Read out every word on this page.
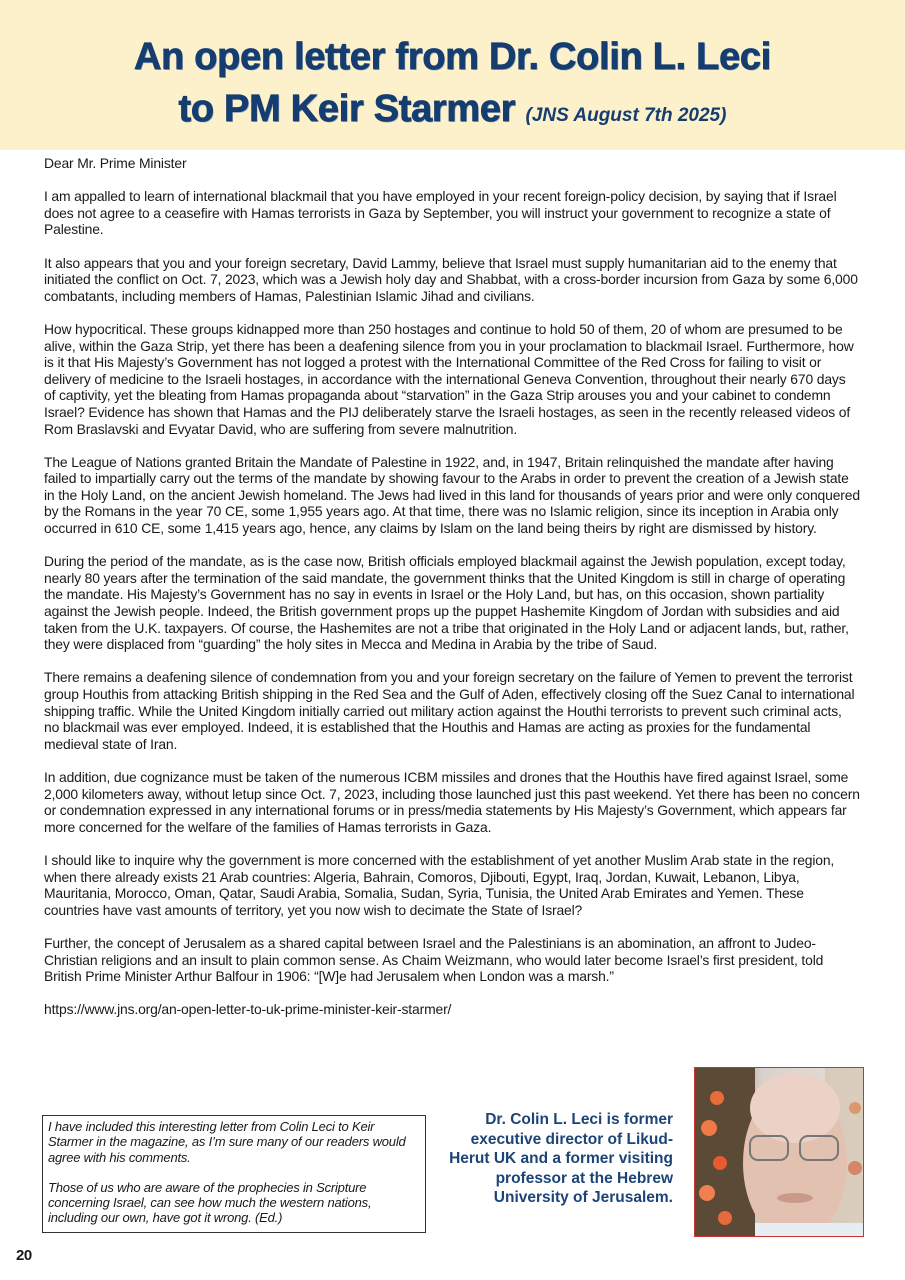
An open letter from Dr. Colin L. Leci
to PM Keir Starmer (JNS August 7th 2025)

Dear Mr. Prime Minister

I am appalled to learn of international blackmail that you have employed in your recent foreign-policy decision, by saying that if Israel does not agree to a ceasefire with Hamas terrorists in Gaza by September, you will instruct your government to recognize a state of Palestine.

It also appears that you and your foreign secretary, David Lammy, believe that Israel must supply humanitarian aid to the enemy that initiated the conflict on Oct. 7, 2023, which was a Jewish holy day and Shabbat, with a cross-border incursion from Gaza by some 6,000 combatants, including members of Hamas, Palestinian Islamic Jihad and civilians.

How hypocritical. These groups kidnapped more than 250 hostages and continue to hold 50 of them, 20 of whom are presumed to be alive, within the Gaza Strip, yet there has been a deafening silence from you in your proclamation to blackmail Israel. Furthermore, how is it that His Majesty’s Government has not logged a protest with the International Committee of the Red Cross for failing to visit or delivery of medicine to the Israeli hostages, in accordance with the international Geneva Convention, throughout their nearly 670 days of captivity, yet the bleating from Hamas propaganda about “starvation” in the Gaza Strip arouses you and your cabinet to condemn Israel? Evidence has shown that Hamas and the PIJ deliberately starve the Israeli hostages, as seen in the recently released videos of Rom Braslavski and Evyatar David, who are suffering from severe malnutrition.

The League of Nations granted Britain the Mandate of Palestine in 1922, and, in 1947, Britain relinquished the mandate after having failed to impartially carry out the terms of the mandate by showing favour to the Arabs in order to prevent the creation of a Jewish state in the Holy Land, on the ancient Jewish homeland. The Jews had lived in this land for thousands of years prior and were only conquered by the Romans in the year 70 CE, some 1,955 years ago. At that time, there was no Islamic religion, since its inception in Arabia only occurred in 610 CE, some 1,415 years ago, hence, any claims by Islam on the land being theirs by right are dismissed by history.

During the period of the mandate, as is the case now, British officials employed blackmail against the Jewish population, except today, nearly 80 years after the termination of the said mandate, the government thinks that the United Kingdom is still in charge of operating the mandate. His Majesty’s Government has no say in events in Israel or the Holy Land, but has, on this occasion, shown partiality against the Jewish people. Indeed, the British government props up the puppet Hashemite Kingdom of Jordan with subsidies and aid taken from the U.K. taxpayers. Of course, the Hashemites are not a tribe that originated in the Holy Land or adjacent lands, but, rather, they were displaced from “guarding” the holy sites in Mecca and Medina in Arabia by the tribe of Saud.

There remains a deafening silence of condemnation from you and your foreign secretary on the failure of Yemen to prevent the terrorist group Houthis from attacking British shipping in the Red Sea and the Gulf of Aden, effectively closing off the Suez Canal to international shipping traffic. While the United Kingdom initially carried out military action against the Houthi terrorists to prevent such criminal acts, no blackmail was ever employed. Indeed, it is established that the Houthis and Hamas are acting as proxies for the fundamental medieval state of Iran.

In addition, due cognizance must be taken of the numerous ICBM missiles and drones that the Houthis have fired against Israel, some 2,000 kilometers away, without letup since Oct. 7, 2023, including those launched just this past weekend. Yet there has been no concern or condemnation expressed in any international forums or in press/media statements by His Majesty’s Government, which appears far more concerned for the welfare of the families of Hamas terrorists in Gaza.

I should like to inquire why the government is more concerned with the establishment of yet another Muslim Arab state in the region, when there already exists 21 Arab countries: Algeria, Bahrain, Comoros, Djibouti, Egypt, Iraq, Jordan, Kuwait, Lebanon, Libya, Mauritania, Morocco, Oman, Qatar, Saudi Arabia, Somalia, Sudan, Syria, Tunisia, the United Arab Emirates and Yemen. These countries have vast amounts of territory, yet you now wish to decimate the State of Israel?

Further, the concept of Jerusalem as a shared capital between Israel and the Palestinians is an abomination, an affront to Judeo-Christian religions and an insult to plain common sense. As Chaim Weizmann, who would later become Israel’s first president, told British Prime Minister Arthur Balfour in 1906: “[W]e had Jerusalem when London was a marsh.”

https://www.jns.org/an-open-letter-to-uk-prime-minister-keir-starmer/

I have included this interesting letter from Colin Leci to Keir Starmer in the magazine, as I’m sure many of our readers would agree with his comments.

Those of us who are aware of the prophecies in Scripture concerning Israel, can see how much the western nations, including our own, have got it wrong. (Ed.)

Dr. Colin L. Leci is former executive director of Likud-Herut UK and a former visiting professor at the Hebrew University of Jerusalem.
20
